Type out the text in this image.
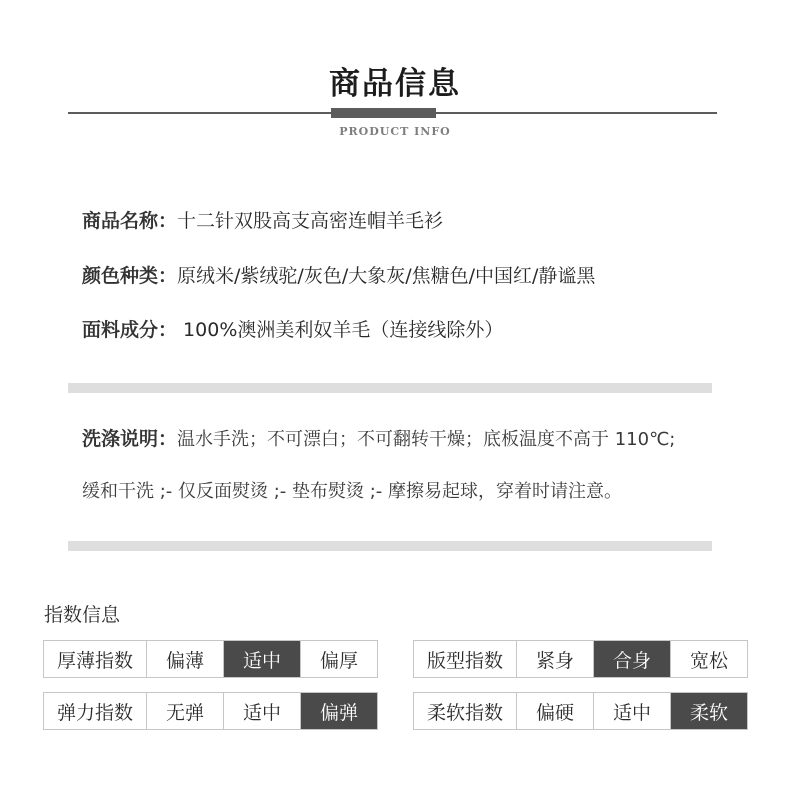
商品信息
PRODUCT INFO
商品名称：十二针双股高支高密连帽羊毛衫
颜色种类：原绒米/紫绒驼/灰色/大象灰/焦糖色/中国红/静谧黑
面料成分： 100%澳洲美利奴羊毛（连接线除外）
洗涤说明：温水手洗；不可漂白；不可翻转干燥；底板温度不高于 110℃;
缓和干洗 ;- 仅反面熨烫 ;- 垫布熨烫 ;- 摩擦易起球，穿着时请注意。
指数信息
厚薄指数	偏薄	适中	偏厚	版型指数	紧身	合身	宽松
弹力指数	无弹	适中	偏弹	柔软指数	偏硬	适中	柔软
